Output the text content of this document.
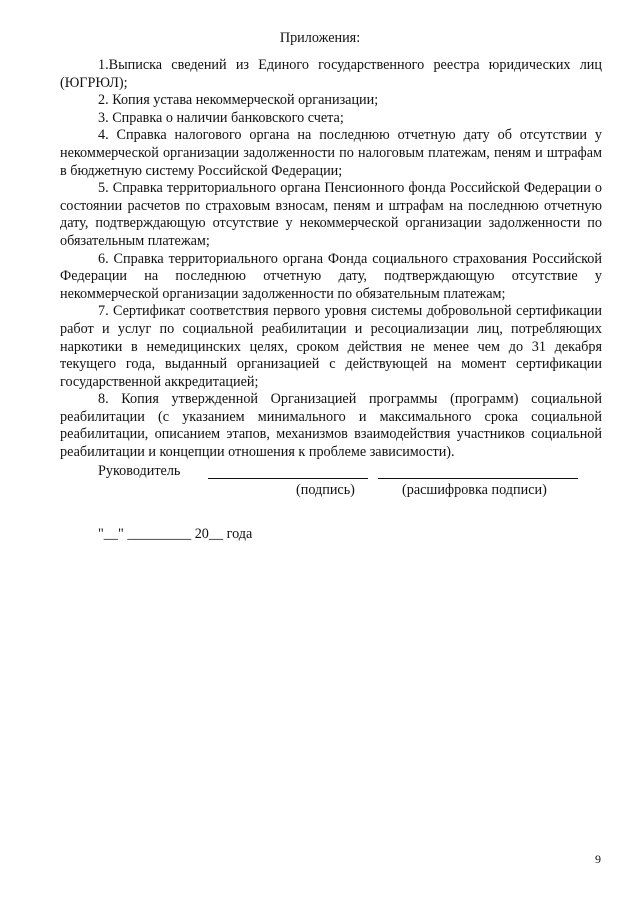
Приложения:

1.Выписка сведений из Единого государственного реестра юридических лиц (ЮГРЮЛ);

2. Копия устава некоммерческой организации;

3. Справка о наличии банковского счета;

4. Справка налогового органа на последнюю отчетную дату об отсутствии у некоммерческой организации задолженности по налоговым платежам, пеням и штрафам в бюджетную систему Российской Федерации;

5. Справка территориального органа Пенсионного фонда Российской Федерации о состоянии расчетов по страховым взносам, пеням и штрафам на последнюю отчетную дату, подтверждающую отсутствие у некоммерческой организации задолженности по обязательным платежам;

6. Справка территориального органа Фонда социального страхования Российской Федерации на последнюю отчетную дату, подтверждающую отсутствие у некоммерческой организации задолженности по обязательным платежам;

7. Сертификат соответствия первого уровня системы добровольной сертификации работ и услуг по социальной реабилитации и ресоциализации лиц, потребляющих наркотики в немедицинских целях, сроком действия не менее чем до 31 декабря текущего года, выданный организацией с действующей на момент сертификации государственной аккредитацией;

8. Копия утвержденной Организацией программы (программ) социальной реабилитации (с указанием минимального и максимального срока социальной реабилитации, описанием этапов, механизмов взаимодействия участников социальной реабилитации и концепции отношения к проблеме зависимости).

Руководитель
(подпись)	(расшифровка подписи)
"__" _________ 20__ года
9
